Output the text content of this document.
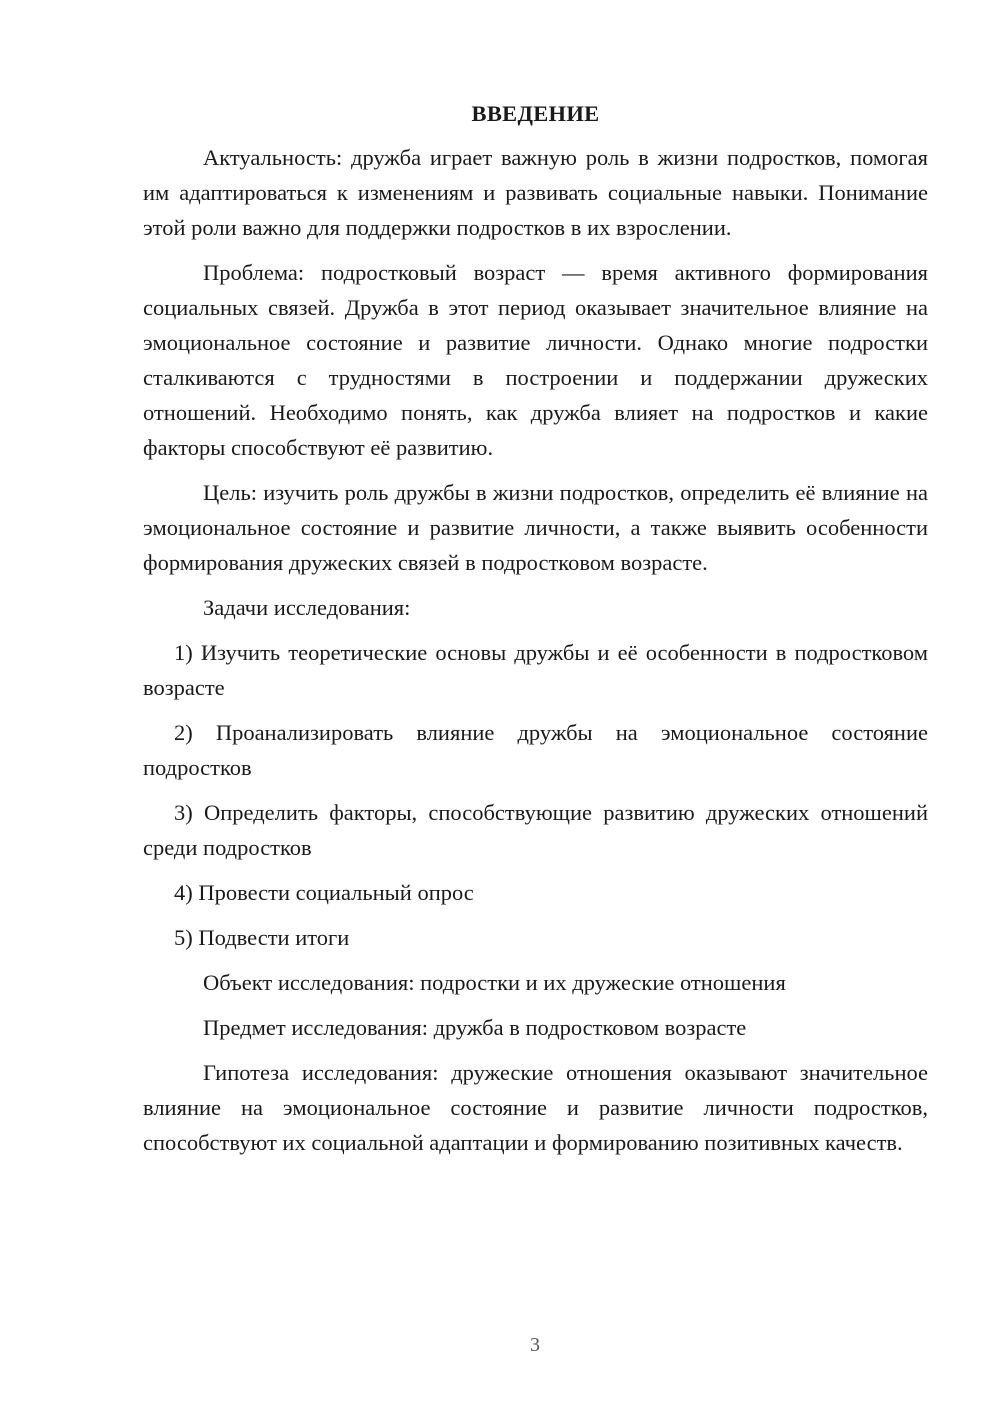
ВВЕДЕНИЕ

Актуальность: дружба играет важную роль в жизни подростков, помогая им адаптироваться к изменениям и развивать социальные навыки. Понимание этой роли важно для поддержки подростков в их взрослении.

Проблема: подростковый возраст — время активного формирования социальных связей. Дружба в этот период оказывает значительное влияние на эмоциональное состояние и развитие личности. Однако многие подростки сталкиваются с трудностями в построении и поддержании дружеских отношений. Необходимо понять, как дружба влияет на подростков и какие факторы способствуют её развитию.

Цель: изучить роль дружбы в жизни подростков, определить её влияние на эмоциональное состояние и развитие личности, а также выявить особенности формирования дружеских связей в подростковом возрасте.

Задачи исследования:

1) Изучить теоретические основы дружбы и её особенности в подростковом возрасте

2) Проанализировать влияние дружбы на эмоциональное состояние подростков

3) Определить факторы, способствующие развитию дружеских отношений среди подростков

4) Провести социальный опрос

5) Подвести итоги

Объект исследования: подростки и их дружеские отношения

Предмет исследования: дружба в подростковом возрасте

Гипотеза исследования: дружеские отношения оказывают значительное влияние на эмоциональное состояние и развитие личности подростков, способствуют их социальной адаптации и формированию позитивных качеств.

3
